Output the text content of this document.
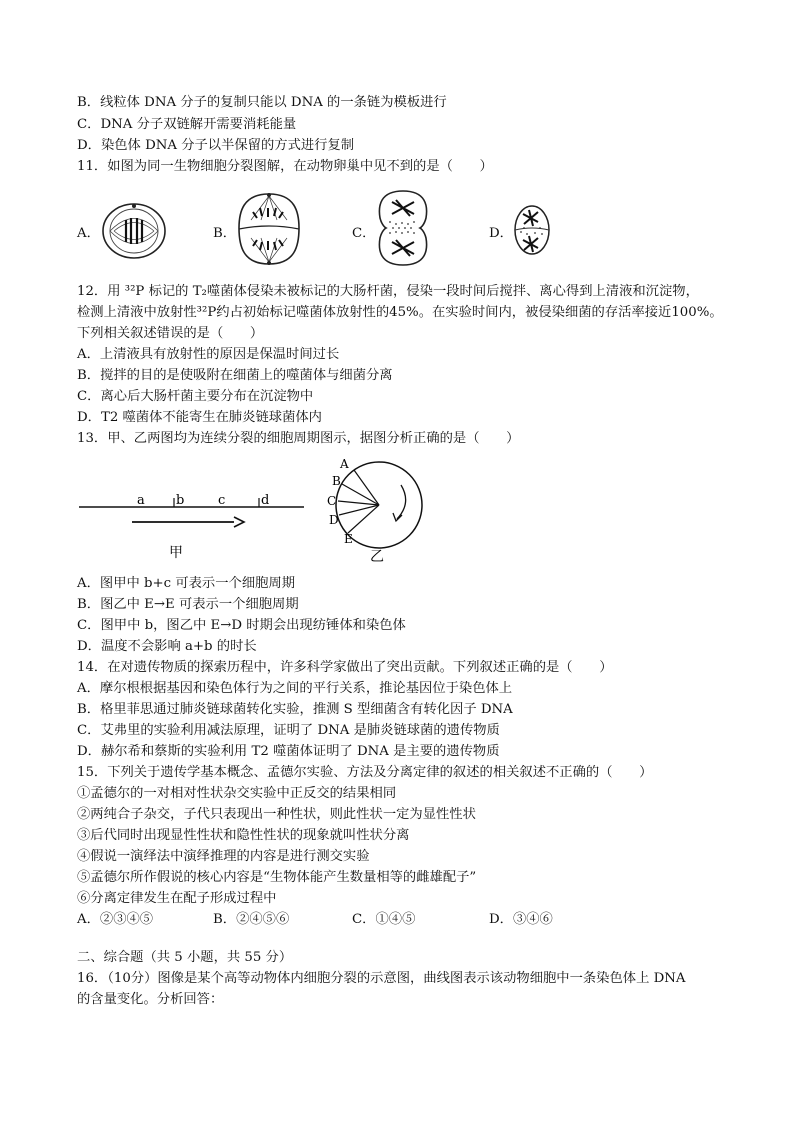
B．线粒体 DNA 分子的复制只能以 DNA 的一条链为模板进行
C．DNA 分子双链解开需要消耗能量
D．染色体 DNA 分子以半保留的方式进行复制
11．如图为同一生物细胞分裂图解，在动物卵巢中见不到的是（　　）
A．	B．	C．	D．
12．用 ³²P 标记的 T₂噬菌体侵染未被标记的大肠杆菌，侵染一段时间后搅拌、离心得到上清液和沉淀物，
检测上清液中放射性³²P约占初始标记噬菌体放射性的45%。在实验时间内，被侵染细菌的存活率接近100%。
下列相关叙述错误的是（　　）
A．上清液具有放射性的原因是保温时间过长
B．搅拌的目的是使吸附在细菌上的噬菌体与细菌分离
C．离心后大肠杆菌主要分布在沉淀物中
D．T2 噬菌体不能寄生在肺炎链球菌体内
13．甲、乙两图均为连续分裂的细胞周期图示，据图分析正确的是（　　）
a b	c	d
甲
A
B
C
D
E
乙
A．图甲中 b+c 可表示一个细胞周期
B．图乙中 E→E 可表示一个细胞周期
C．图甲中 b，图乙中 E→D 时期会出现纺锤体和染色体
D．温度不会影响 a+b 的时长
14．在对遗传物质的探索历程中，许多科学家做出了突出贡献。下列叙述正确的是（　　）
A．摩尔根根据基因和染色体行为之间的平行关系，推论基因位于染色体上
B．格里菲思通过肺炎链球菌转化实验，推测 S 型细菌含有转化因子 DNA
C．艾弗里的实验利用减法原理，证明了 DNA 是肺炎链球菌的遗传物质
D．赫尔希和蔡斯的实验利用 T2 噬菌体证明了 DNA 是主要的遗传物质
15．下列关于遗传学基本概念、孟德尔实验、方法及分离定律的叙述的相关叙述不正确的（　　）
①孟德尔的一对相对性状杂交实验中正反交的结果相同
②两纯合子杂交，子代只表现出一种性状，则此性状一定为显性性状
③后代同时出现显性性状和隐性性状的现象就叫性状分离
④假说一演绎法中演绎推理的内容是进行测交实验
⑤孟德尔所作假说的核心内容是“生物体能产生数量相等的雌雄配子”
⑥分离定律发生在配子形成过程中
A．②③④⑤	B．②④⑤⑥	C．①④⑤	D．③④⑥
二、综合题（共 5 小题，共 55 分）
16．（10分）图像是某个高等动物体内细胞分裂的示意图，曲线图表示该动物细胞中一条染色体上 DNA
的含量变化。分析回答：
